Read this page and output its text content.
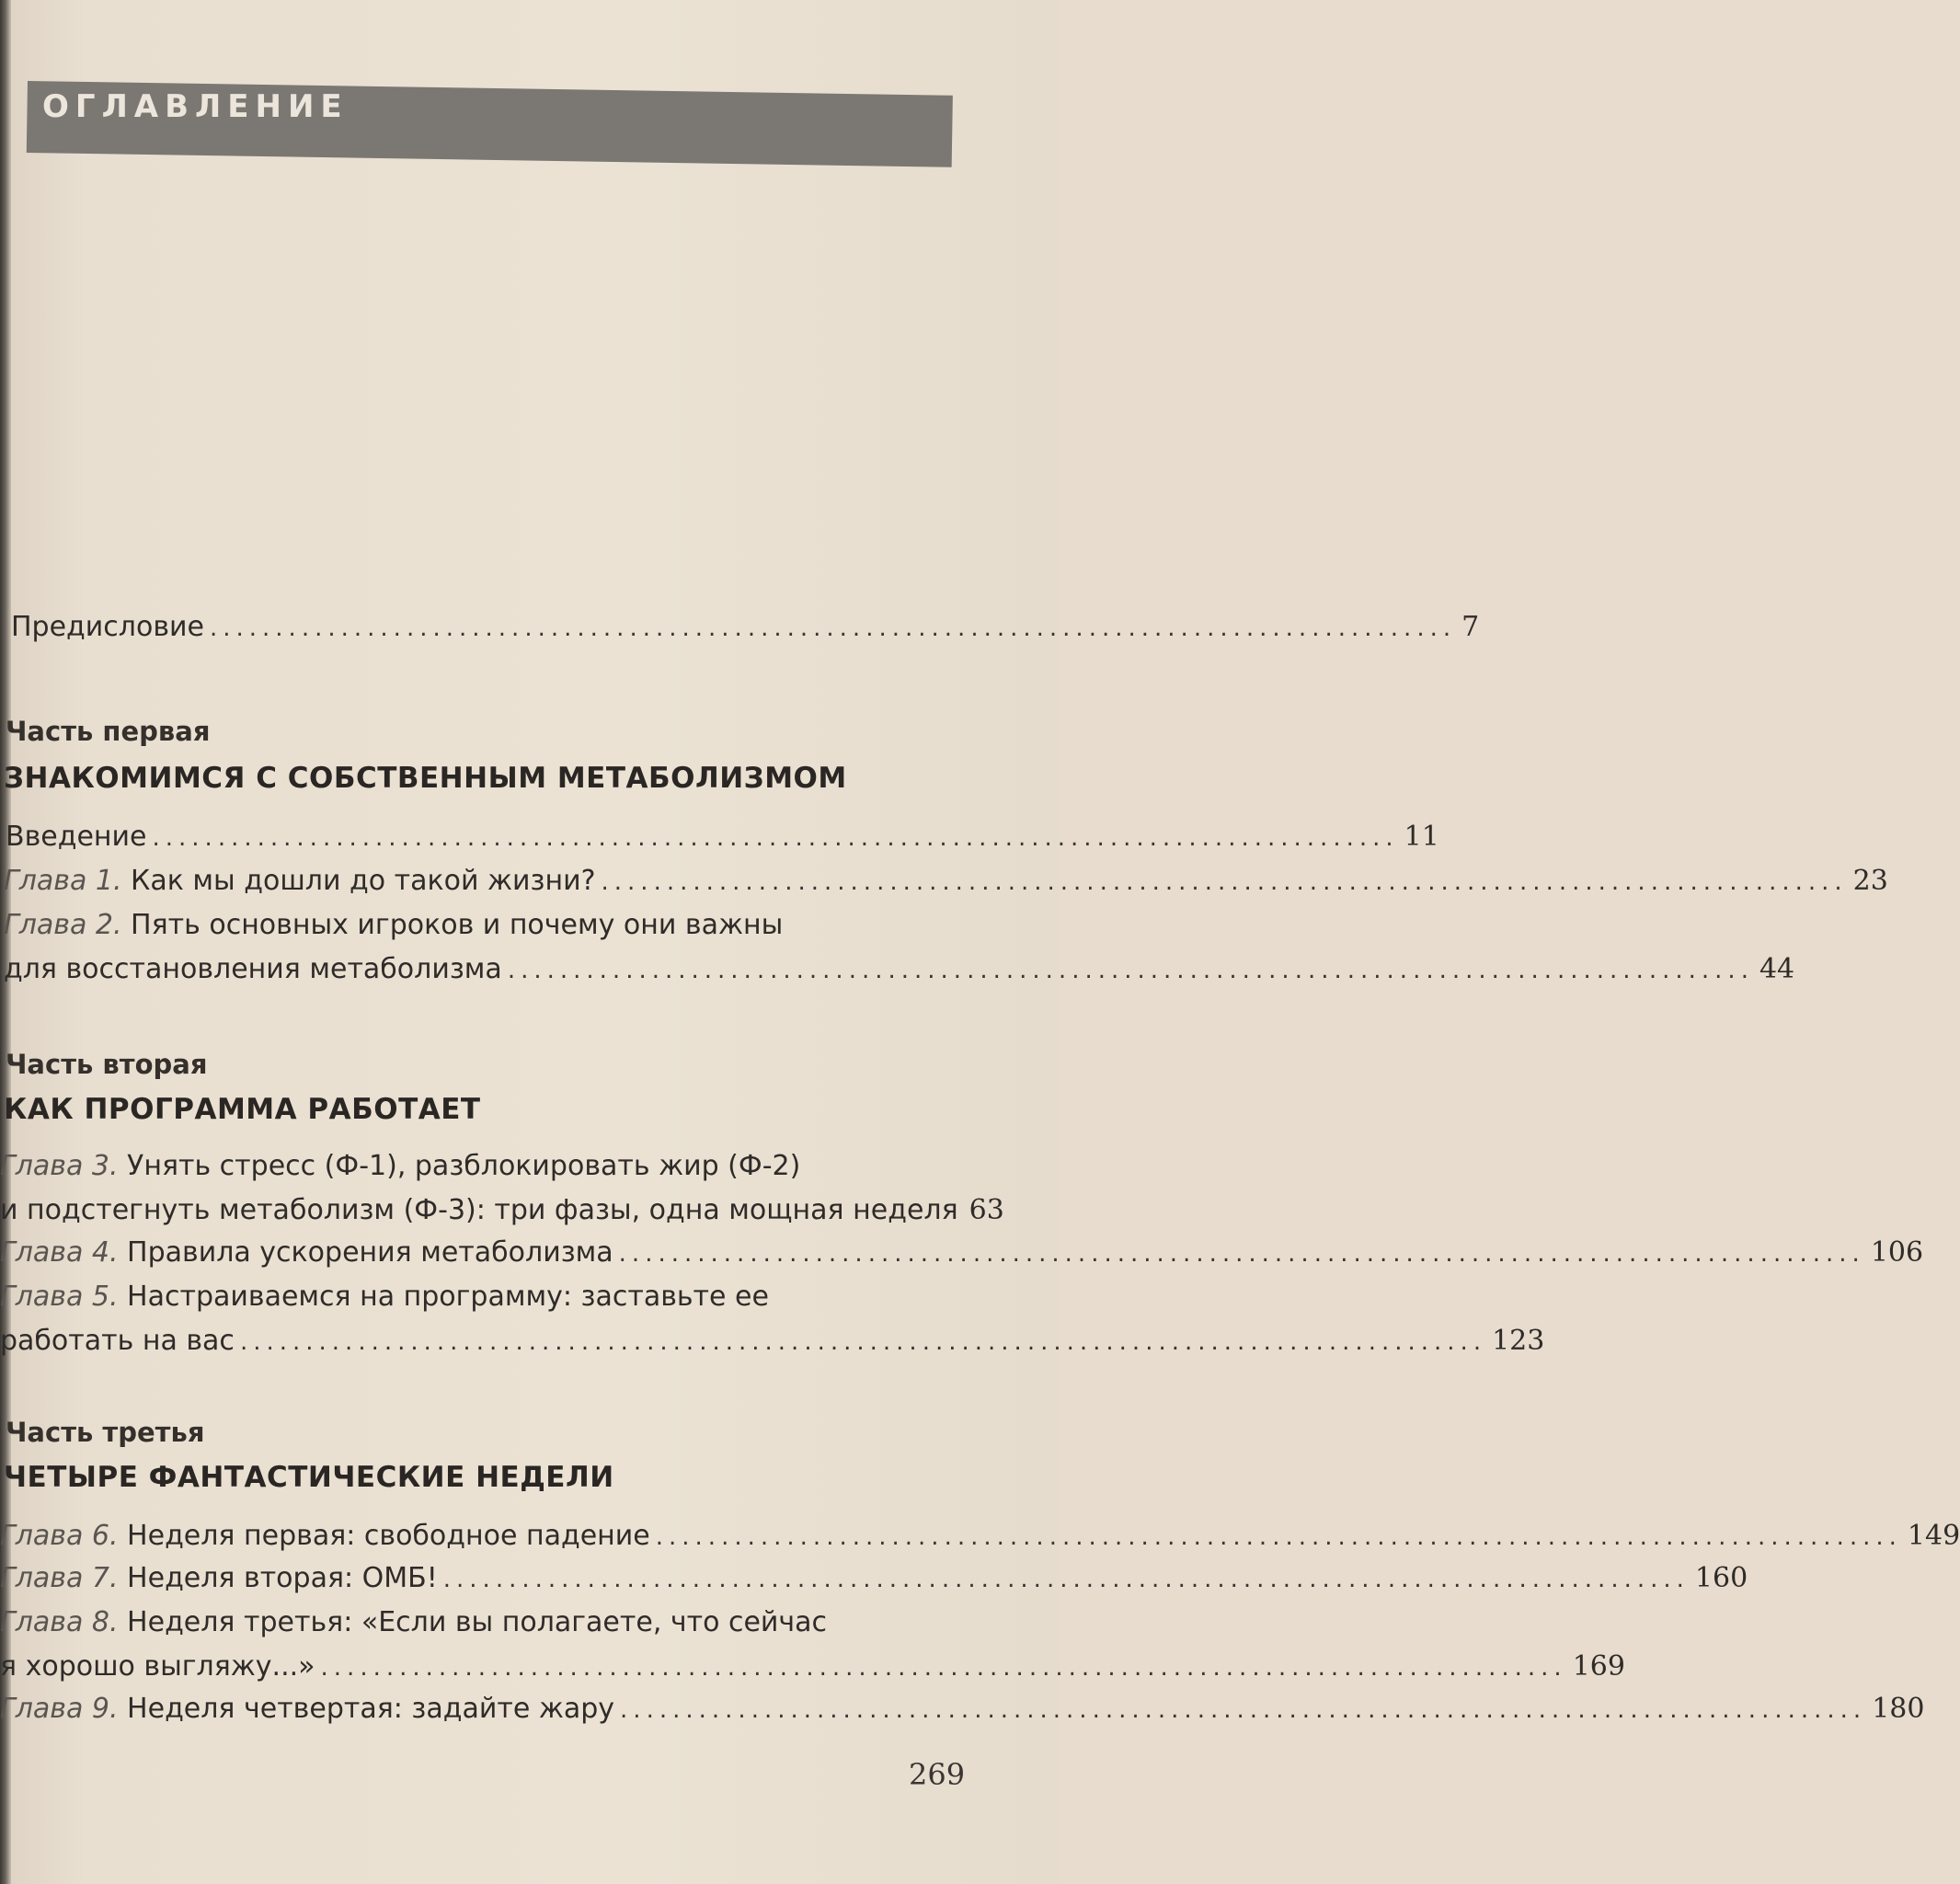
ОГЛАВЛЕНИЕ
Предисловие ............................................................................................... 7
Часть первая
ЗНАКОМИМСЯ С СОБСТВЕННЫМ МЕТАБОЛИЗМОМ
Введение ............................................................................................... 11
Глава 1. Как мы дошли до такой жизни? ............................................................................................... 23
Глава 2. Пять основных игроков и почему они важны
для восстановления метаболизма ............................................................................................... 44
Часть вторая
КАК ПРОГРАММА РАБОТАЕТ
Глава 3. Унять стресс (Ф-1), разблокировать жир (Ф-2)
и подстегнуть метаболизм (Ф-3): три фазы, одна мощная неделя 63
Глава 4. Правила ускорения метаболизма ............................................................................................... 106
Глава 5. Настраиваемся на программу: заставьте ее
работать на вас ............................................................................................... 123
Часть третья
ЧЕТЫРЕ ФАНТАСТИЧЕСКИЕ НЕДЕЛИ
Глава 6. Неделя первая: свободное падение ............................................................................................... 149
Глава 7. Неделя вторая: ОМБ! ............................................................................................... 160
Глава 8. Неделя третья: «Если вы полагаете, что сейчас
я хорошо выгляжу...» ............................................................................................... 169
Глава 9. Неделя четвертая: задайте жару ............................................................................................... 180
269
